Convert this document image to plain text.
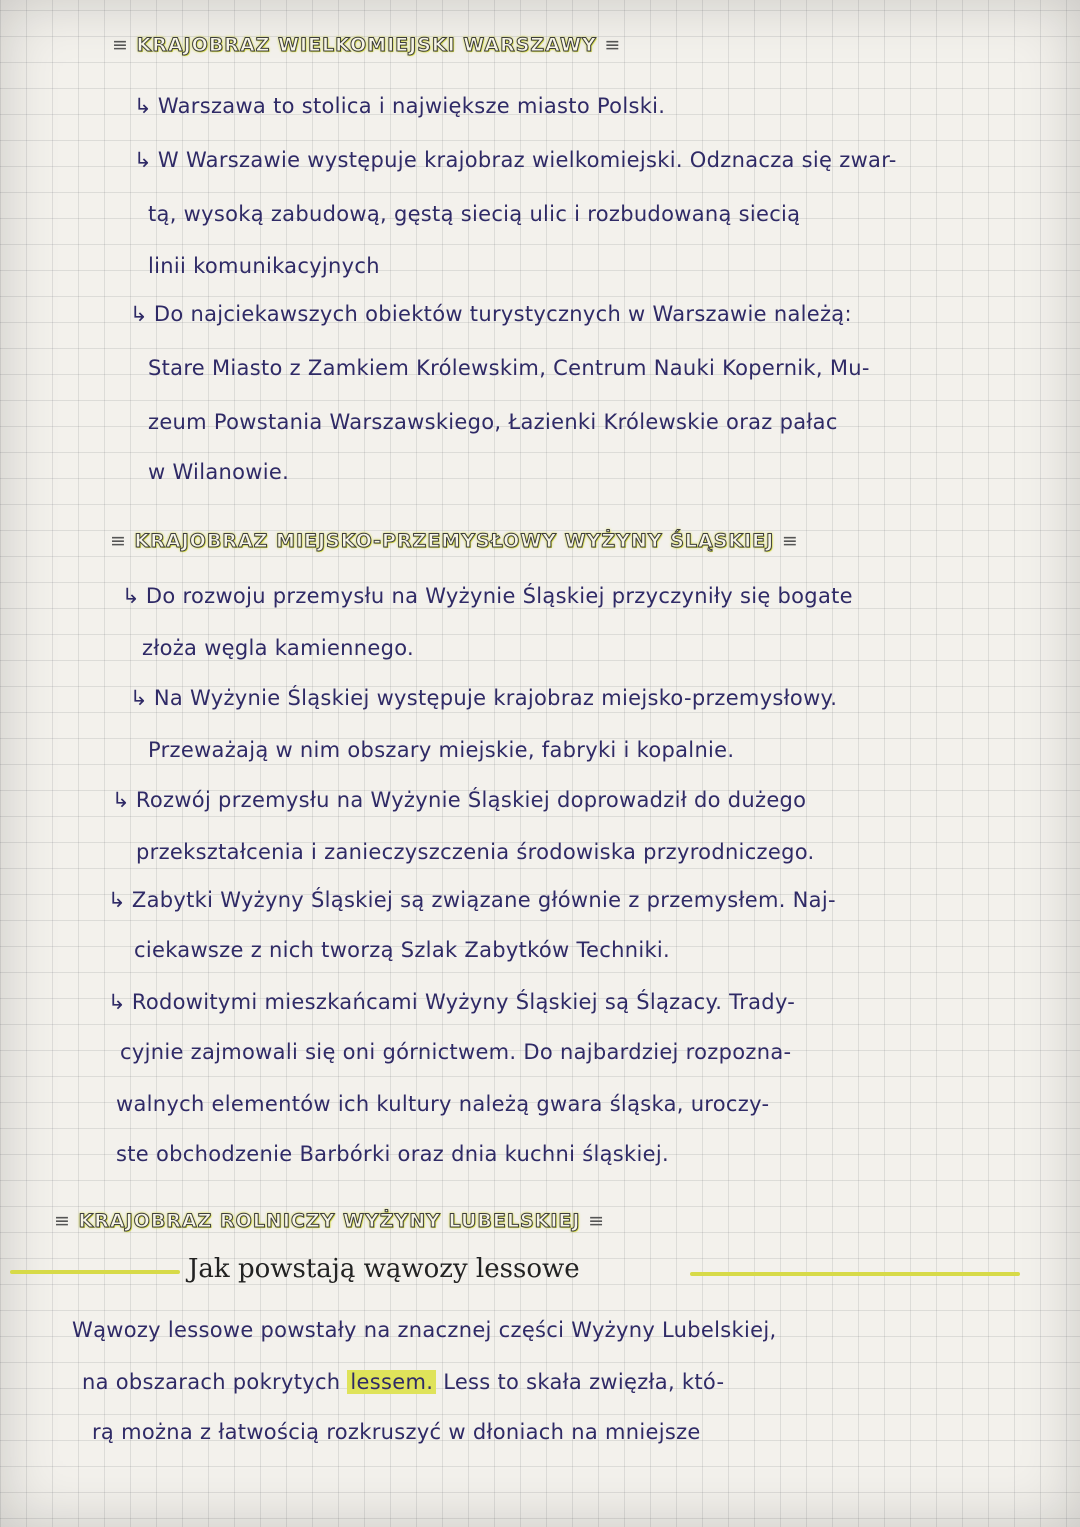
≡ KRAJOBRAZ WIELKOMIEJSKI WARSZAWY ≡
↳ Warszawa to stolica i największe miasto Polski.
↳ W Warszawie występuje krajobraz wielkomiejski. Odznacza się zwar-
tą, wysoką zabudową, gęstą siecią ulic i rozbudowaną siecią
linii komunikacyjnych
↳ Do najciekawszych obiektów turystycznych w Warszawie należą:
Stare Miasto z Zamkiem Królewskim, Centrum Nauki Kopernik, Mu-
zeum Powstania Warszawskiego, Łazienki Królewskie oraz pałac
w Wilanowie.
≡ KRAJOBRAZ MIEJSKO-PRZEMYSŁOWY WYŻYNY ŚLĄSKIEJ ≡
↳ Do rozwoju przemysłu na Wyżynie Śląskiej przyczyniły się bogate
złoża węgla kamiennego.
↳ Na Wyżynie Śląskiej występuje krajobraz miejsko-przemysłowy.
Przeważają w nim obszary miejskie, fabryki i kopalnie.
↳ Rozwój przemysłu na Wyżynie Śląskiej doprowadził do dużego
przekształcenia i zanieczyszczenia środowiska przyrodniczego.
↳ Zabytki Wyżyny Śląskiej są związane głównie z przemysłem. Naj-
ciekawsze z nich tworzą Szlak Zabytków Techniki.
↳ Rodowitymi mieszkańcami Wyżyny Śląskiej są Ślązacy. Trady-
cyjnie zajmowali się oni górnictwem. Do najbardziej rozpozna-
walnych elementów ich kultury należą gwara śląska, uroczy-
ste obchodzenie Barbórki oraz dnia kuchni śląskiej.
≡ KRAJOBRAZ ROLNICZY WYŻYNY LUBELSKIEJ ≡
Jak powstają wąwozy lessowe
Wąwozy lessowe powstały na znacznej części Wyżyny Lubelskiej,
na obszarach pokrytych lessem. Less to skała zwięzła, któ-
rą można z łatwością rozkruszyć w dłoniach na mniejsze
